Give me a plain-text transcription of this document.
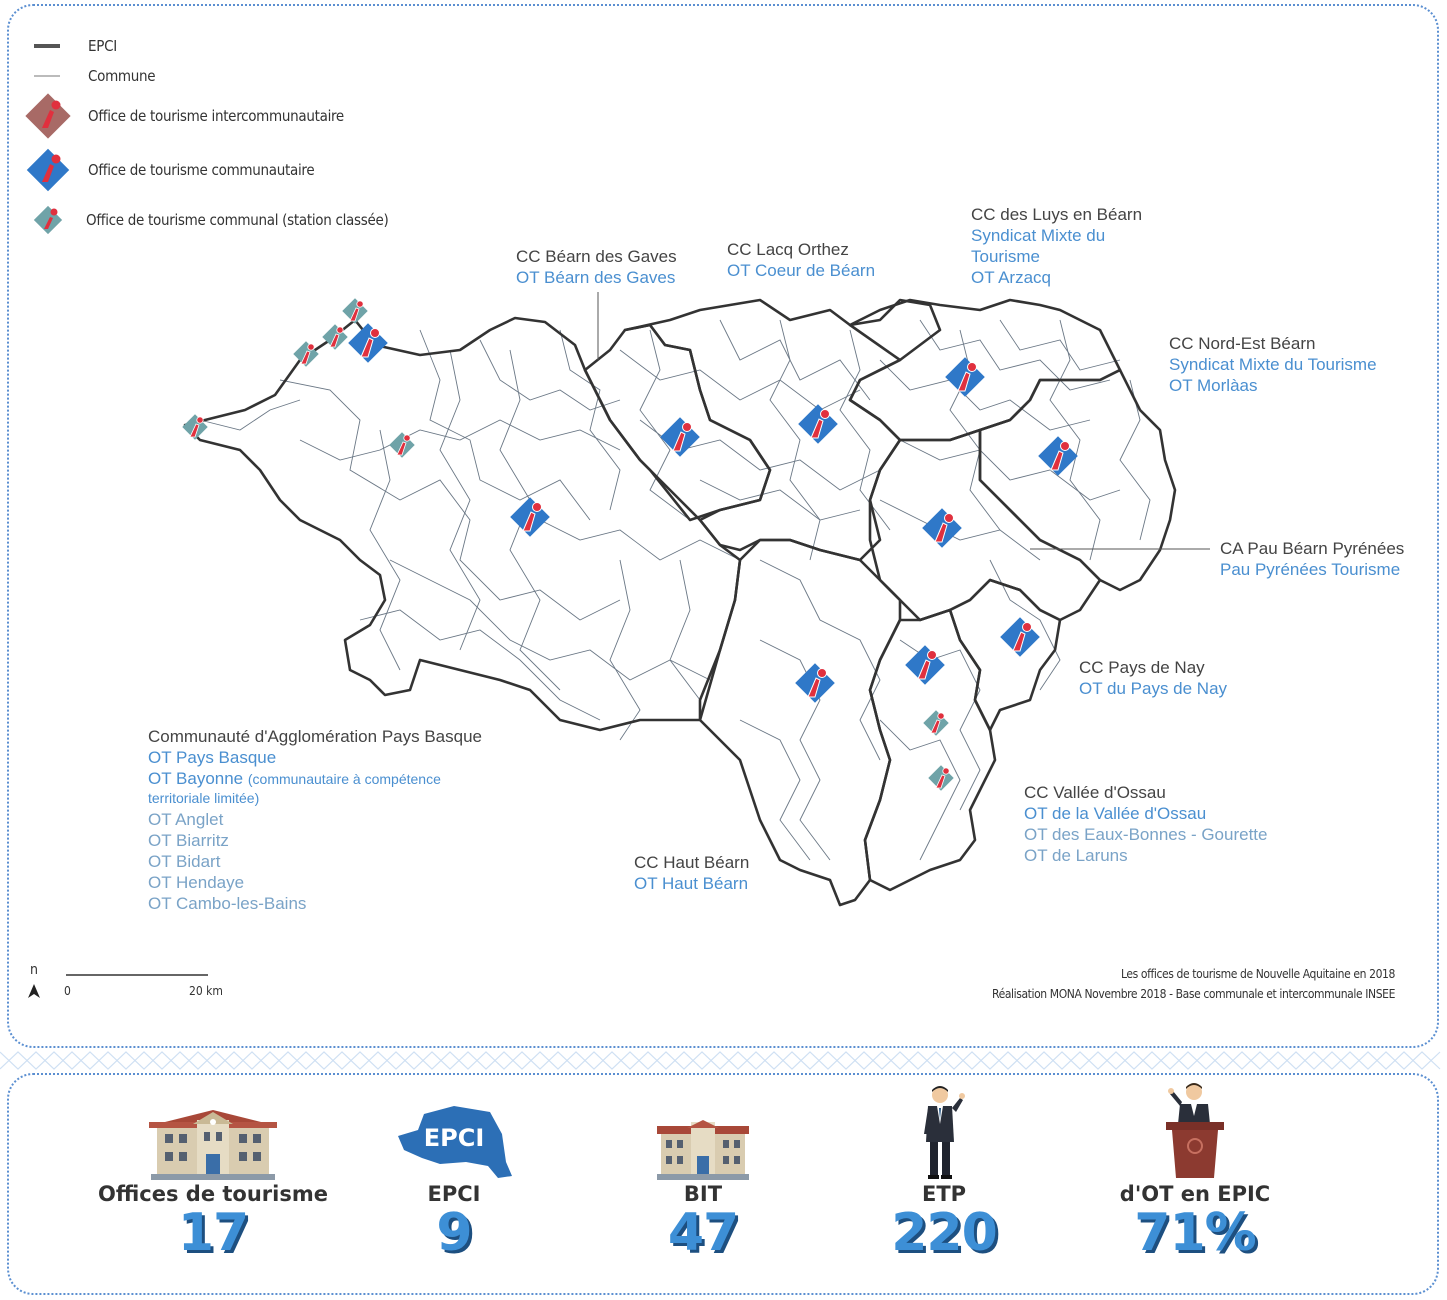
EPCI
Commune
Office de tourisme intercommunautaire
Office de tourisme communautaire
Office de tourisme communal (station classée)
CC Béarn des Gaves
OT Béarn des Gaves
CC Lacq Orthez
OT Coeur de Béarn
CC des Luys en Béarn
Syndicat Mixte du
Tourisme
OT Arzacq
CC Nord-Est Béarn
Syndicat Mixte du Tourisme
OT Morlàas
CA Pau Béarn Pyrénées
Pau Pyrénées Tourisme
CC Pays de Nay
OT du Pays de Nay
CC Vallée d'Ossau
OT de la Vallée d'Ossau
OT des Eaux-Bonnes - Gourette
OT de Laruns
CC Haut Béarn
OT Haut Béarn
Communauté d'Agglomération Pays Basque
OT Pays Basque
OT Bayonne (communautaire à compétence
territoriale limitée)
OT Anglet
OT Biarritz
OT Bidart
OT Hendaye
OT Cambo-les-Bains
n
0	20 km
Les offices de tourisme de Nouvelle Aquitaine en 2018
Réalisation MONA Novembre 2018 - Base communale et intercommunale INSEE
Offices de tourisme
17
EPCI
EPCI
9
BIT
47
ETP
220
d'OT en EPIC
71%
